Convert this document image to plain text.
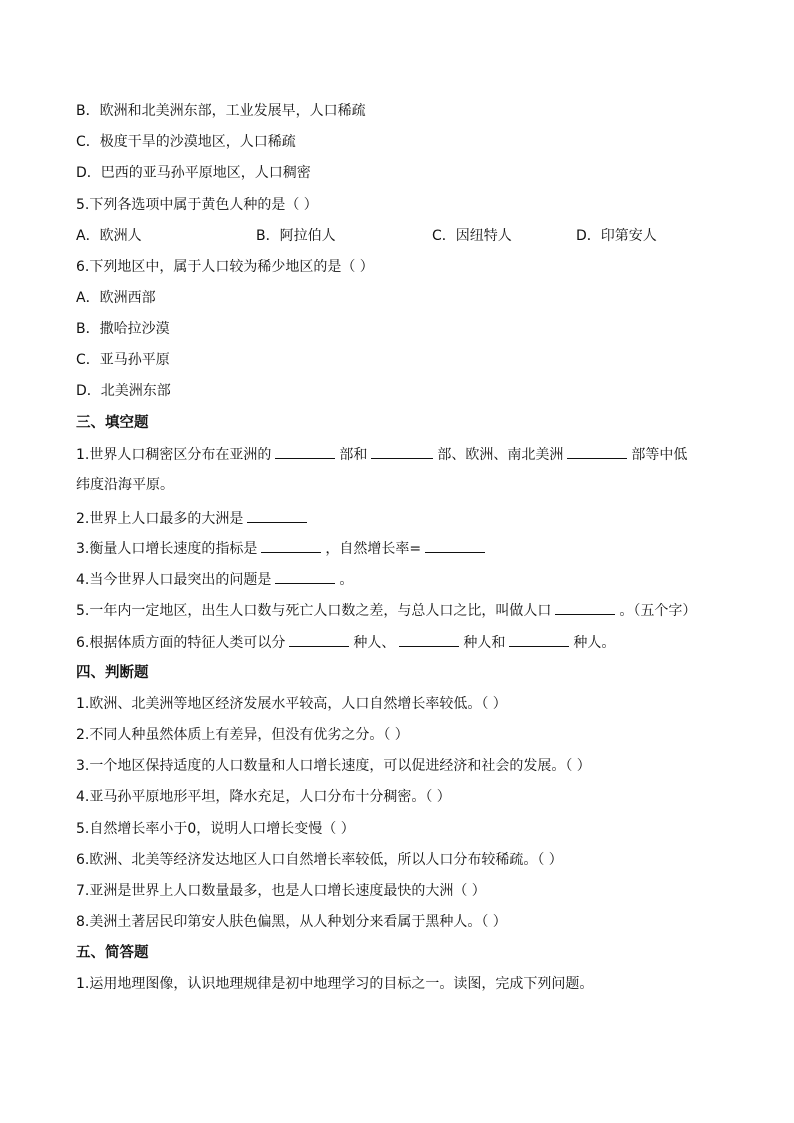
B．欧洲和北美洲东部，工业发展早，人口稀疏
C．极度干旱的沙漠地区，人口稀疏
D．巴西的亚马孙平原地区，人口稠密
5.下列各选项中属于黄色人种的是（ ）
A．欧洲人	B．阿拉伯人	C．因纽特人	D．印第安人
6.下列地区中，属于人口较为稀少地区的是（ ）
A．欧洲西部
B．撒哈拉沙漠
C．亚马孙平原
D．北美洲东部
三、填空题
1.世界人口稠密区分布在亚洲的	部和	部、欧洲、南北美洲	部等中低
纬度沿海平原。
2.世界上人口最多的大洲是
3.衡量人口增长速度的指标是	，自然增长率=
4.当今世界人口最突出的问题是	。
5.一年内一定地区，出生人口数与死亡人口数之差，与总人口之比，叫做人口	。（五个字）
6.根据体质方面的特征人类可以分	种人、	种人和	种人。
四、判断题
1.欧洲、北美洲等地区经济发展水平较高，人口自然增长率较低。（ ）
2.不同人种虽然体质上有差异，但没有优劣之分。（ ）
3.一个地区保持适度的人口数量和人口增长速度，可以促进经济和社会的发展。（ ）
4.亚马孙平原地形平坦，降水充足，人口分布十分稠密。（ ）
5.自然增长率小于0，说明人口增长变慢（ ）
6.欧洲、北美等经济发达地区人口自然增长率较低，所以人口分布较稀疏。（ ）
7.亚洲是世界上人口数量最多，也是人口增长速度最快的大洲（ ）
8.美洲土著居民印第安人肤色偏黑，从人种划分来看属于黑种人。（ ）
五、简答题
1.运用地理图像，认识地理规律是初中地理学习的目标之一。读图，完成下列问题。
